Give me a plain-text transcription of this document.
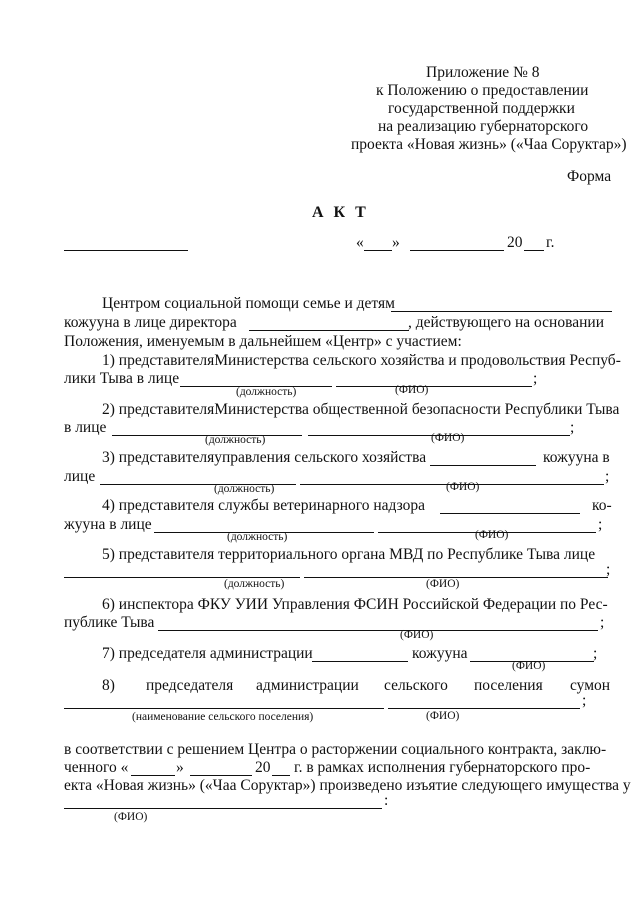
Приложение № 8
к Положению о предоставлении
государственной поддержки
на реализацию губернаторского
проекта «Новая жизнь» («Чаа Соруктар»)
Форма
А К Т
« »	20 г.
Центром социальной помощи семье и детям
кожууна в лице директора	, действующего на основании
Положения, именуемым в дальнейшем «Центр» с участием:
1) представителяМинистерства сельского хозяйства и продовольствия Респуб-
лики Тыва в лице	;
(должность)	(ФИО)
2) представителяМинистерства общественной безопасности Республики Тыва
в лице	;
(должность)	(ФИО)
3) представителяуправления сельского хозяйства	кожууна в
лице	;
(должность)	(ФИО)
4) представителя службы ветеринарного надзора	ко-
жууна в лице	;
(должность)	(ФИО)
5) представителя территориального органа МВД по Республике Тыва лице
;
(должность)	(ФИО)
6) инспектора ФКУ УИИ Управления ФСИН Российской Федерации по Рес-
публике Тыва	;
(ФИО)
7) председателя администрации	кожууна	;
(ФИО)
8) председателя администрации сельского поселения сумон
;
(наименование сельского поселения)	(ФИО)
в соответствии с решением Центра о расторжении социального контракта, заклю-
ченного «	»	20 г. в рамках исполнения губернаторского про-
екта «Новая жизнь» («Чаа Соруктар») произведено изъятие следующего имущества у
:
(ФИО)
